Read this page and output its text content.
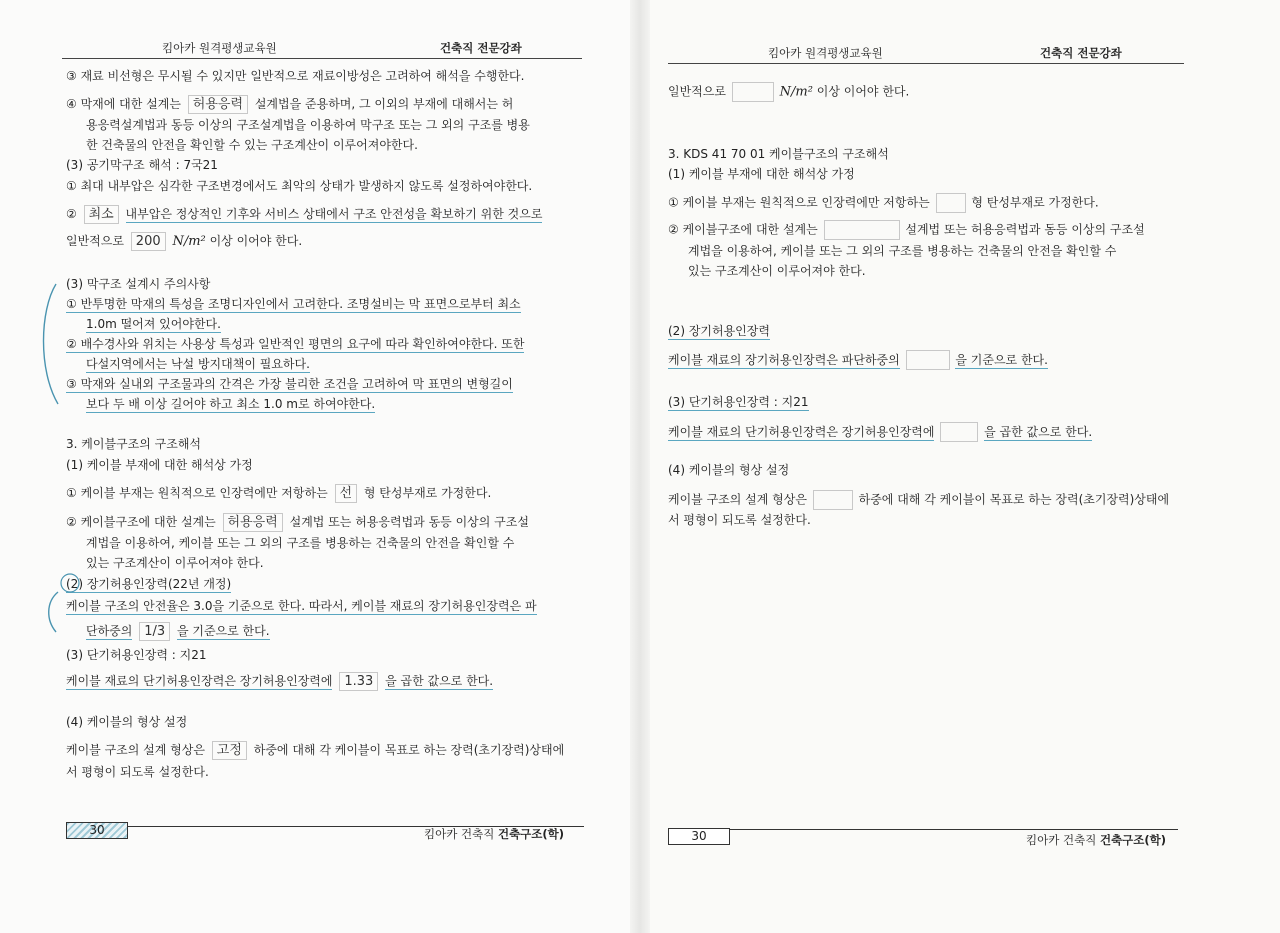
킴아카 원격평생교육원	건축직 전문강좌
③ 재료 비선형은 무시될 수 있지만 일반적으로 재료이방성은 고려하여 해석을 수행한다.
④ 막재에 대한 설계는 허용응력 설계법을 준용하며, 그 이외의 부재에 대해서는 허
용응력설계법과 동등 이상의 구조설계법을 이용하여 막구조 또는 그 외의 구조를 병용
한 건축물의 안전을 확인할 수 있는 구조계산이 이루어져야한다.
(3) 공기막구조 해석 : 7국21
① 최대 내부압은 심각한 구조변경에서도 최악의 상태가 발생하지 않도록 설정하여야한다.
② 최소 내부압은 정상적인 기후와 서비스 상태에서 구조 안전성을 확보하기 위한 것으로
일반적으로 200 N/m² 이상 이어야 한다.
(3) 막구조 설계시 주의사항
① 반투명한 막재의 특성을 조명디자인에서 고려한다. 조명설비는 막 표면으로부터 최소
1.0m 떨어져 있어야한다.
② 배수경사와 위치는 사용상 특성과 일반적인 평면의 요구에 따라 확인하여야한다. 또한
다설지역에서는 낙설 방지대책이 필요하다.
③ 막재와 실내외 구조물과의 간격은 가장 불리한 조건을 고려하여 막 표면의 변형길이
보다 두 배 이상 길어야 하고 최소 1.0 m로 하여야한다.
3. 케이블구조의 구조해석
(1) 케이블 부재에 대한 해석상 가정
① 케이블 부재는 원칙적으로 인장력에만 저항하는 선 형 탄성부재로 가정한다.
② 케이블구조에 대한 설계는 허용응력 설계법 또는 허용응력법과 동등 이상의 구조설
계법을 이용하여, 케이블 또는 그 외의 구조를 병용하는 건축물의 안전을 확인할 수
있는 구조계산이 이루어져야 한다.
(2) 장기허용인장력(22년 개정)
케이블 구조의 안전율은 3.0을 기준으로 한다. 따라서, 케이블 재료의 장기허용인장력은 파
단하중의 1/3 을 기준으로 한다.
(3) 단기허용인장력 : 지21
케이블 재료의 단기허용인장력은 장기허용인장력에 1.33 을 곱한 값으로 한다.
(4) 케이블의 형상 설정
케이블 구조의 설계 형상은 고정 하중에 대해 각 케이블이 목표로 하는 장력(초기장력)상태에
서 평형이 되도록 설정한다.
30	킴아카 건축직 건축구조(학)
킴아카 원격평생교육원	건축직 전문강좌
일반적으로	N/m² 이상 이어야 한다.
3. KDS 41 70 01 케이블구조의 구조해석
(1) 케이블 부재에 대한 해석상 가정
① 케이블 부재는 원칙적으로 인장력에만 저항하는	형 탄성부재로 가정한다.
② 케이블구조에 대한 설계는	설계법 또는 허용응력법과 동등 이상의 구조설
계법을 이용하여, 케이블 또는 그 외의 구조를 병용하는 건축물의 안전을 확인할 수
있는 구조계산이 이루어져야 한다.
(2) 장기허용인장력
케이블 재료의 장기허용인장력은 파단하중의	을 기준으로 한다.
(3) 단기허용인장력 : 지21
케이블 재료의 단기허용인장력은 장기허용인장력에	을 곱한 값으로 한다.
(4) 케이블의 형상 설정
케이블 구조의 설계 형상은	하중에 대해 각 케이블이 목표로 하는 장력(초기장력)상태에
서 평형이 되도록 설정한다.
30	킴아카 건축직 건축구조(학)
